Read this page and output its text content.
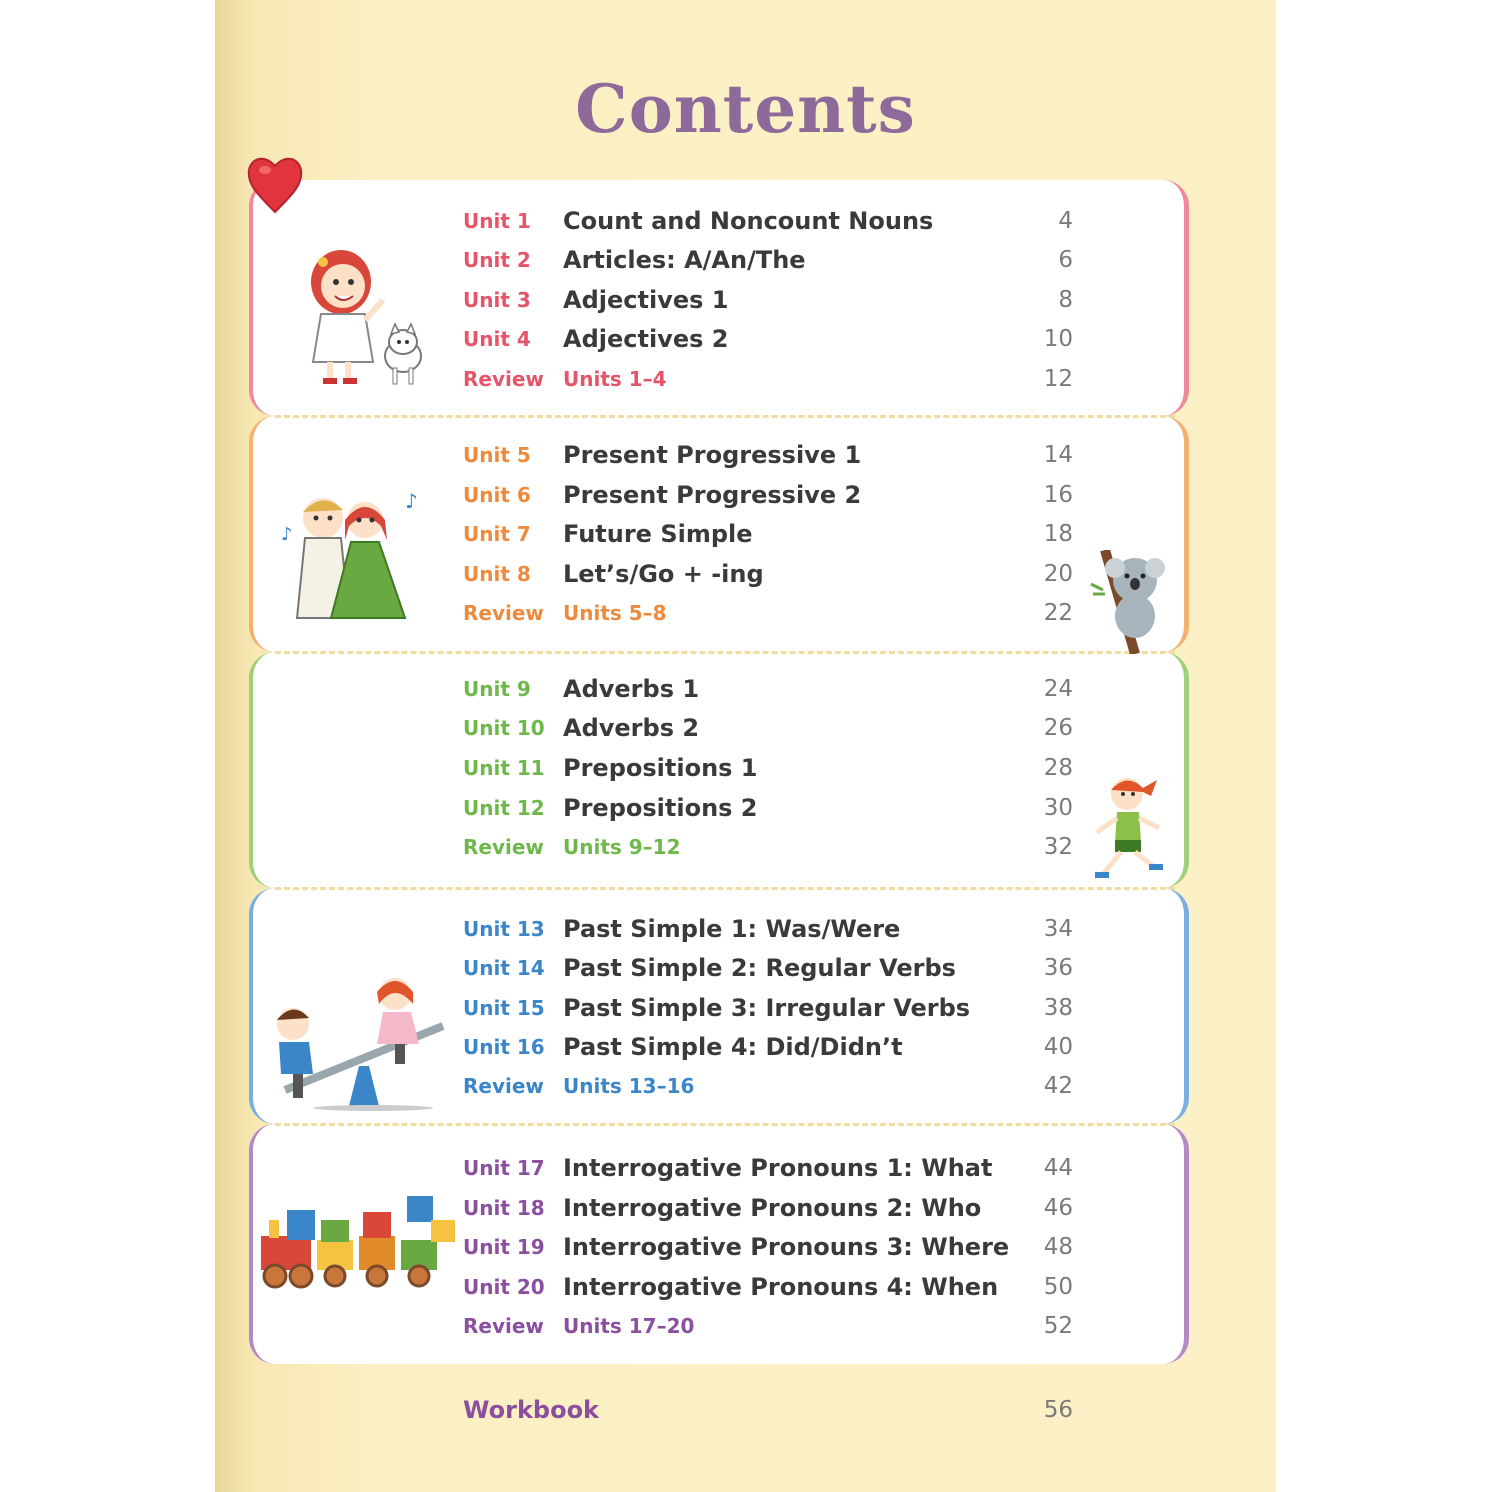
Contents
♪
♪
Unit 1 Count and Noncount Nouns	4
Unit 2 Articles: A/An/The	6
Unit 3 Adjectives 1	8
Unit 4 Adjectives 2	10
Review Units 1–4	12
Unit 5 Present Progressive 1	14
Unit 6 Present Progressive 2	16
Unit 7 Future Simple	18
Unit 8 Let’s/Go + -ing	20
Review Units 5–8	22
Unit 9 Adverbs 1	24
Unit 10 Adverbs 2	26
Unit 11 Prepositions 1	28
Unit 12 Prepositions 2	30
Review Units 9–12	32
Unit 13 Past Simple 1: Was/Were	34
Unit 14 Past Simple 2: Regular Verbs	36
Unit 15 Past Simple 3: Irregular Verbs	38
Unit 16 Past Simple 4: Did/Didn’t	40
Review Units 13–16	42
Unit 17 Interrogative Pronouns 1: What 44
Unit 18 Interrogative Pronouns 2: Who	46
Unit 19 Interrogative Pronouns 3: Where 48
Unit 20 Interrogative Pronouns 4: When 50
Review Units 17–20	52
Workbook	56
